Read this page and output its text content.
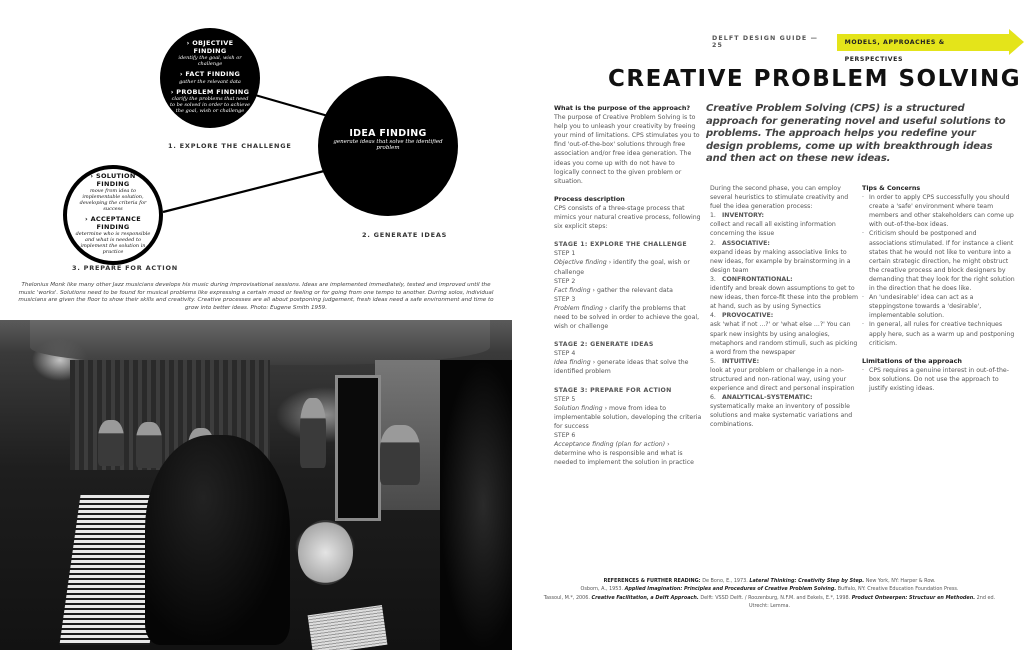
› OBJECTIVE FINDING
identify the goal, wish or challenge
› FACT FINDING
gather the relevant data
› PROBLEM FINDING
clarify the problems that need to be solved in order to achieve the goal, wish or challenge
1. EXPLORE THE CHALLENGE
IDEA FINDING
generate ideas that solve the identified problem
2. GENERATE IDEAS
› SOLUTION FINDING
move from idea to implementable solution, developing the criteria for success
› ACCEPTANCE FINDING
determine who is responsible and what is needed to implement the solution in practice
3. PREPARE FOR ACTION
Thelonius Monk like many other Jazz musicians develops his music during improvisational sessions. Ideas are implemented immediately, tested and improved until the music 'works'. Solutions need to be found for musical problems like expressing a certain mood or feeling or for going from one tempo to another. During solos, individual musicians are given the floor to show their skills and creativity. Creative processes are all about postponing judgement, fresh ideas need a safe environment and time to grow into better ideas. Photo: Eugene Smith 1959.
DELFT DESIGN GUIDE — 25	MODELS, APPROACHES & PERSPECTIVES
CREATIVE PROBLEM SOLVING
Creative Problem Solving (CPS) is a structured approach for generating novel and useful solutions to problems. The approach helps you redefine your design problems, come up with breakthrough ideas and then act on these new ideas.
What is the purpose of the approach?
The purpose of Creative Problem Solving is to help you to unleash your creativity by freeing your mind of limitations. CPS stimulates you to find 'out-of-the-box' solutions through free association and/or free idea generation. The ideas you come up with do not have to logically connect to the given problem or situation.
Process description
CPS consists of a three-stage process that mimics your natural creative process, following six explicit steps:
STAGE 1: EXPLORE THE CHALLENGE
STEP 1
Objective finding › identify the goal, wish or challenge
STEP 2
Fact finding › gather the relevant data
STEP 3
Problem finding › clarify the problems that need to be solved in order to achieve the goal, wish or challenge
STAGE 2: GENERATE IDEAS
STEP 4
Idea finding › generate ideas that solve the identified problem
STAGE 3: PREPARE FOR ACTION
STEP 5
Solution finding › move from idea to implementable solution, developing the criteria for success
STEP 6
Acceptance finding (plan for action) › determine who is responsible and what is needed to implement the solution in practice
During the second phase, you can employ several heuristics to stimulate creativity and fuel the idea generation process:
1. INVENTORY:
collect and recall all existing information concerning the issue
2. ASSOCIATIVE:
expand ideas by making associative links to new ideas, for example by brainstorming in a design team
3. CONFRONTATIONAL:
identify and break down assumptions to get to new ideas, then force-fit these into the problem at hand, such as by using Synectics
4. PROVOCATIVE:
ask 'what if not ...?' or 'what else ...?' You can spark new insights by using analogies, metaphors and random stimuli, such as picking a word from the newspaper
5. INTUITIVE:
look at your problem or challenge in a non-structured and non-rational way, using your experience and direct and personal inspiration
6. ANALYTICAL-SYSTEMATIC:
systematically make an inventory of possible solutions and make systematic variations and combinations.
Tips & Concerns
· In order to apply CPS successfully you should create a 'safe' environment where team members and other stakeholders can come up with out-of-the-box ideas.
· Criticism should be postponed and associations stimulated. If for instance a client states that he would not like to venture into a certain strategic direction, he might obstruct the creative process and block designers by demanding that they look for the right solution in the direction that he does like.
· An 'undesirable' idea can act as a steppingstone towards a 'desirable', implementable solution.
· In general, all rules for creative techniques apply here, such as a warm up and postponing criticism.
Limitations of the approach
· CPS requires a genuine interest in out-of-the-box solutions. Do not use the approach to justify existing ideas.
REFERENCES & FURTHER READING: De Bono, E., 1973. Lateral Thinking: Creativity Step by Step. New York, NY: Harper & Row.
Osborn, A., 1953. Applied Imagination: Principles and Procedures of Creative Problem Solving. Buffalo, NY: Creative Education Foundation Press.
Tassoul, M.*, 2006. Creative Facilitation, a Delft Approach. Delft: VSSD Delft. / Roozenburg, N.F.M. and Eekels, E.*, 1998. Product Ontwerpen: Structuur en Methoden. 2nd ed. Utrecht: Lemma.
